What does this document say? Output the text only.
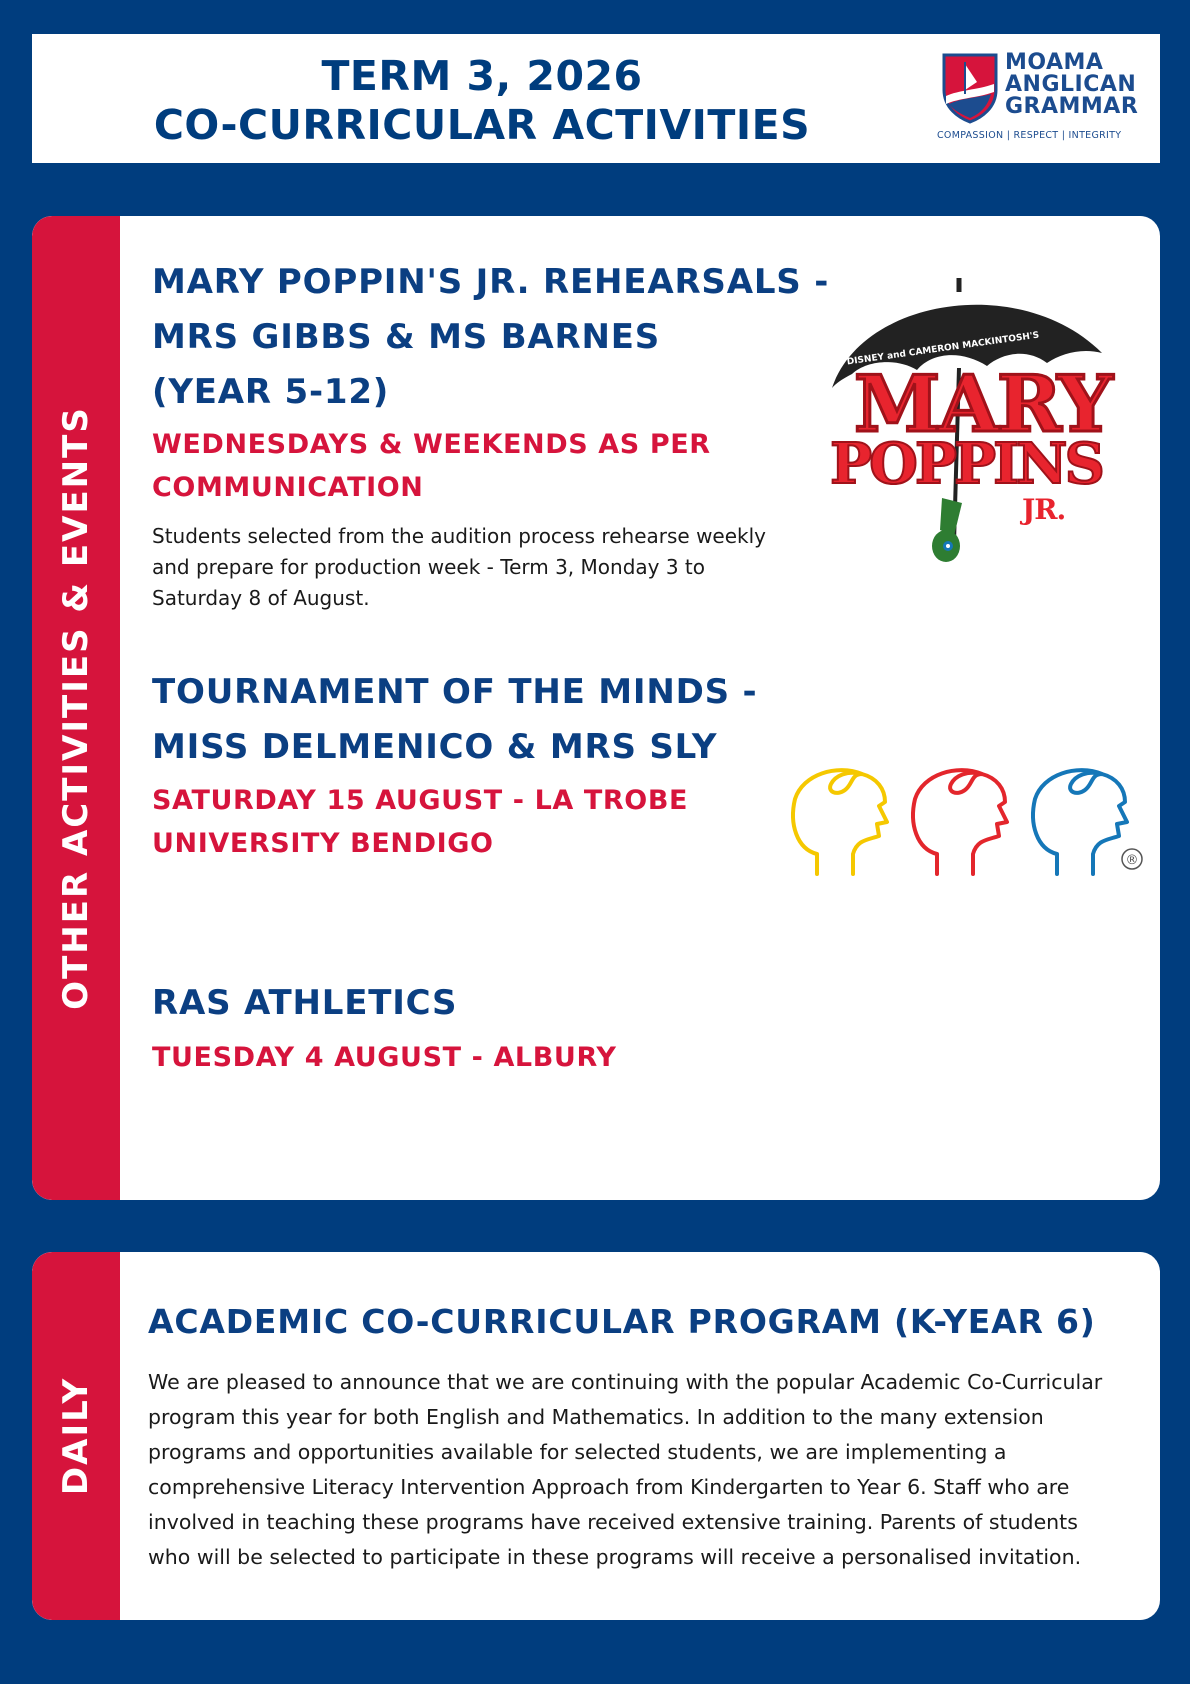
TERM 3, 2026
CO-CURRICULAR ACTIVITIES
MOAMA
ANGLICAN
GRAMMAR
COMPASSION | RESPECT | INTEGRITY
OTHER ACTIVITIES & EVENTS
MARY POPPIN'S JR. REHEARSALS -
MRS GIBBS & MS BARNES
(YEAR 5-12)
WEDNESDAYS & WEEKENDS AS PER
COMMUNICATION
Students selected from the audition process rehearse weekly
and prepare for production week - Term 3, Monday 3 to
Saturday 8 of August.
DISNEY and CAMERON MACKINTOSH'S
MARY
POPPINS
JR.
TOURNAMENT OF THE MINDS -
MISS DELMENICO & MRS SLY
SATURDAY 15 AUGUST - LA TROBE
UNIVERSITY BENDIGO
®
RAS ATHLETICS
TUESDAY 4 AUGUST - ALBURY
DAILY
ACADEMIC CO-CURRICULAR PROGRAM (K-YEAR 6)
We are pleased to announce that we are continuing with the popular Academic Co-Curricular
program this year for both English and Mathematics. In addition to the many extension
programs and opportunities available for selected students, we are implementing a
comprehensive Literacy Intervention Approach from Kindergarten to Year 6. Staff who are
involved in teaching these programs have received extensive training. Parents of students
who will be selected to participate in these programs will receive a personalised invitation.
